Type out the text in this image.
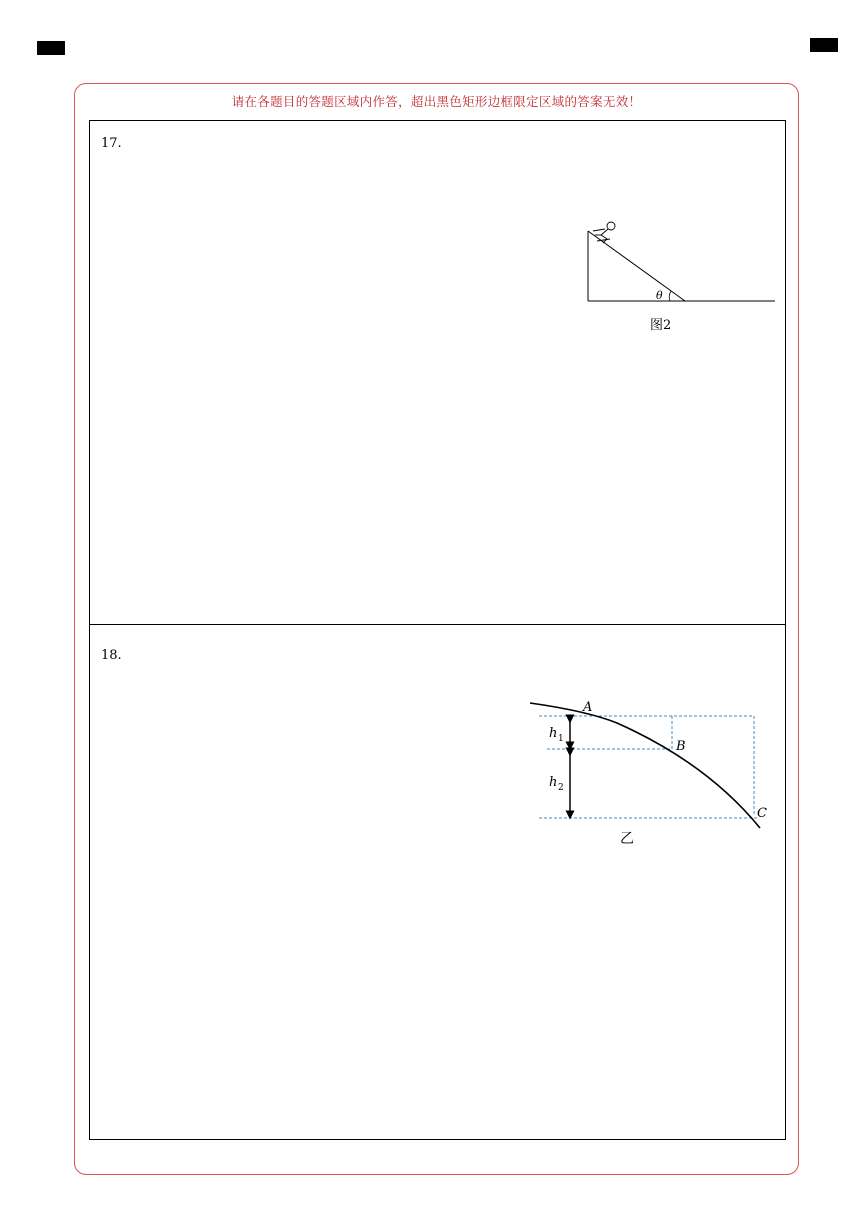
请在各题目的答题区域内作答，超出黑色矩形边框限定区域的答案无效！
17.
θ
图2
18.
A
B
C
h 1
h 2
乙
